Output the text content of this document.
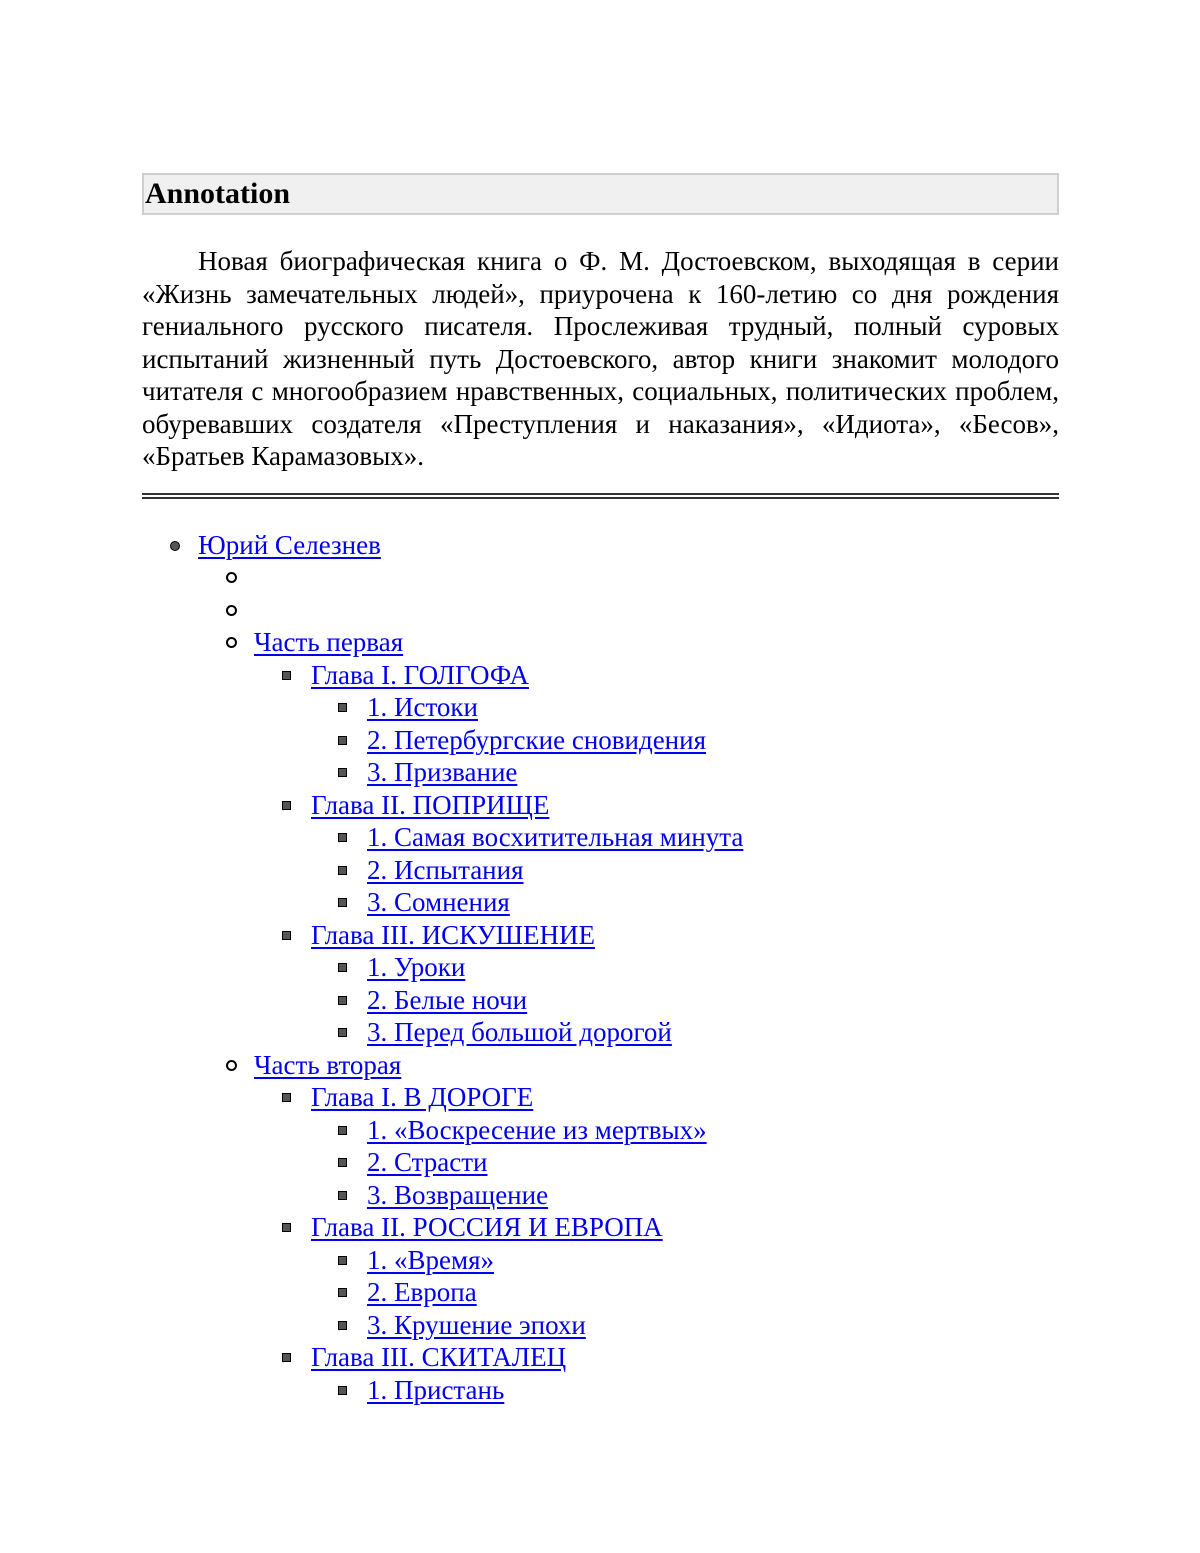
Annotation

Новая биографическая книга о Ф. М. Достоевском, выходящая в серии «Жизнь замечательных людей», приурочена к 160-летию со дня рождения гениального русского писателя. Прослеживая трудный, полный суровых испытаний жизненный путь Достоевского, автор книги знакомит молодого читателя с многообразием нравственных, социальных, политических проблем, обуревавших создателя «Преступления и наказания», «Идиота», «Бесов», «Братьев Карамазовых».

Юрий Селезнев
Часть первая
Глава I. ГОЛГОФА
1. Истоки
2. Петербургские сновидения
3. Призвание
Глава II. ПОПРИЩЕ
1. Самая восхитительная минута
2. Испытания
3. Сомнения
Глава III. ИСКУШЕНИЕ
1. Уроки
2. Белые ночи
3. Перед большой дорогой
Часть вторая
Глава I. В ДОРОГЕ
1. «Воскресение из мертвых»
2. Страсти
3. Возвращение
Глава II. РОССИЯ И ЕВРОПА
1. «Время»
2. Европа
3. Крушение эпохи
Глава III. СКИТАЛЕЦ
1. Пристань
